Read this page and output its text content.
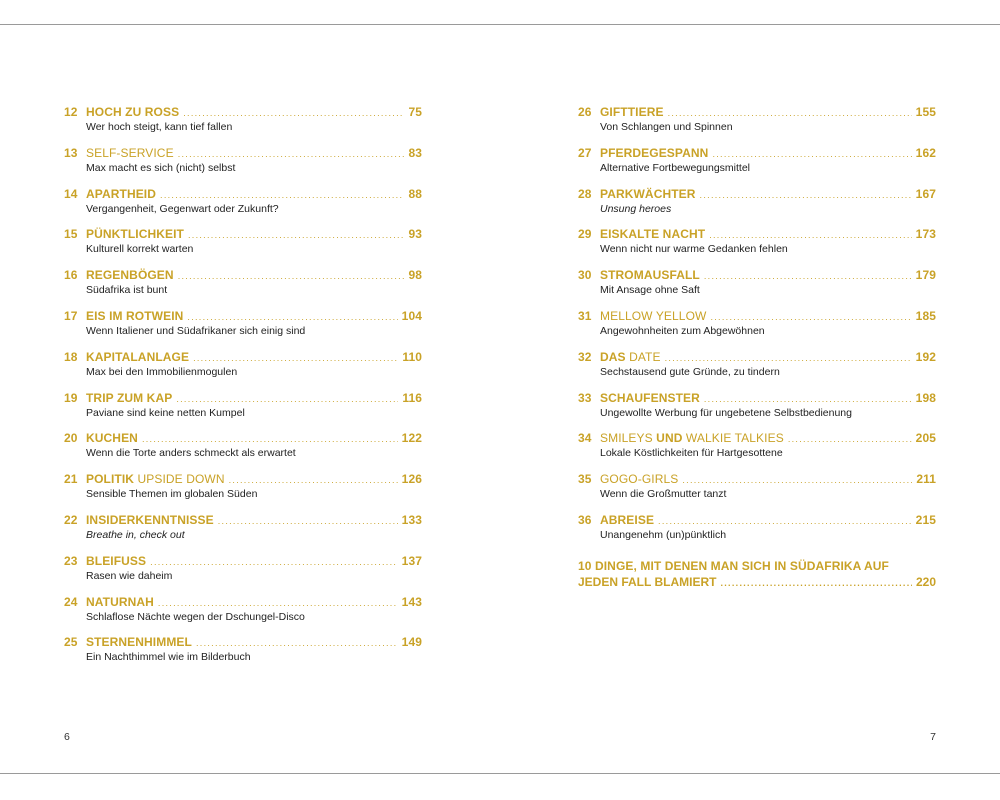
12 HOCH ZU ROSS . . .	75
Wer hoch steigt, kann tief fallen
13 SELF-SERVICE . . .	83
Max macht es sich (nicht) selbst
14 APARTHEID . . .	88
Vergangenheit, Gegenwart oder Zukunft?
15 PÜNKTLICHKEIT . . .	93
Kulturell korrekt warten
16 REGENBÖGEN . . .	98
Südafrika ist bunt
17 EIS IM ROTWEIN . . .	104
Wenn Italiener und Südafrikaner sich einig sind
18 KAPITALANLAGE . . .	110
Max bei den Immobilienmogulen
19 TRIP ZUM KAP . . .	116
Paviane sind keine netten Kumpel
20 KUCHEN . . .	122
Wenn die Torte anders schmeckt als erwartet
21 POLITIK UPSIDE DOWN . . .	126
Sensible Themen im globalen Süden
22 INSIDERKENNTNISSE . . .	133
Breathe in, check out
23 BLEIFUSS . . .	137
Rasen wie daheim
24 NATURNAH . . .	143
Schlaflose Nächte wegen der Dschungel-Disco
25 STERNENHIMMEL . . .	149
Ein Nachthimmel wie im Bilderbuch
6
26 GIFTTIERE . . .	155
Von Schlangen und Spinnen
27 PFERDEGESPANN . . .	162
Alternative Fortbewegungsmittel
28 PARKWÄCHTER . . .	167
Unsung heroes
29 EISKALTE NACHT . . .	173
Wenn nicht nur warme Gedanken fehlen
30 STROMAUSFALL . . .	179
Mit Ansage ohne Saft
31 MELLOW YELLOW . . .	185
Angewohnheiten zum Abgewöhnen
32 DAS DATE . . .	192
Sechstausend gute Gründe, zu tindern
33 SCHAUFENSTER . . .	198
Ungewollte Werbung für ungebetene Selbstbedienung
34 SMILEYS UND WALKIE TALKIES . . .	205
Lokale Köstlichkeiten für Hartgesottene
35 GOGO-GIRLS . . .	211
Wenn die Großmutter tanzt
36 ABREISE . . .	215
Unangenehm (un)pünktlich
10 DINGE, MIT DENEN MAN SICH IN SÜDAFRIKA AUF
JEDEN FALL BLAMIERT . . .	220
7
